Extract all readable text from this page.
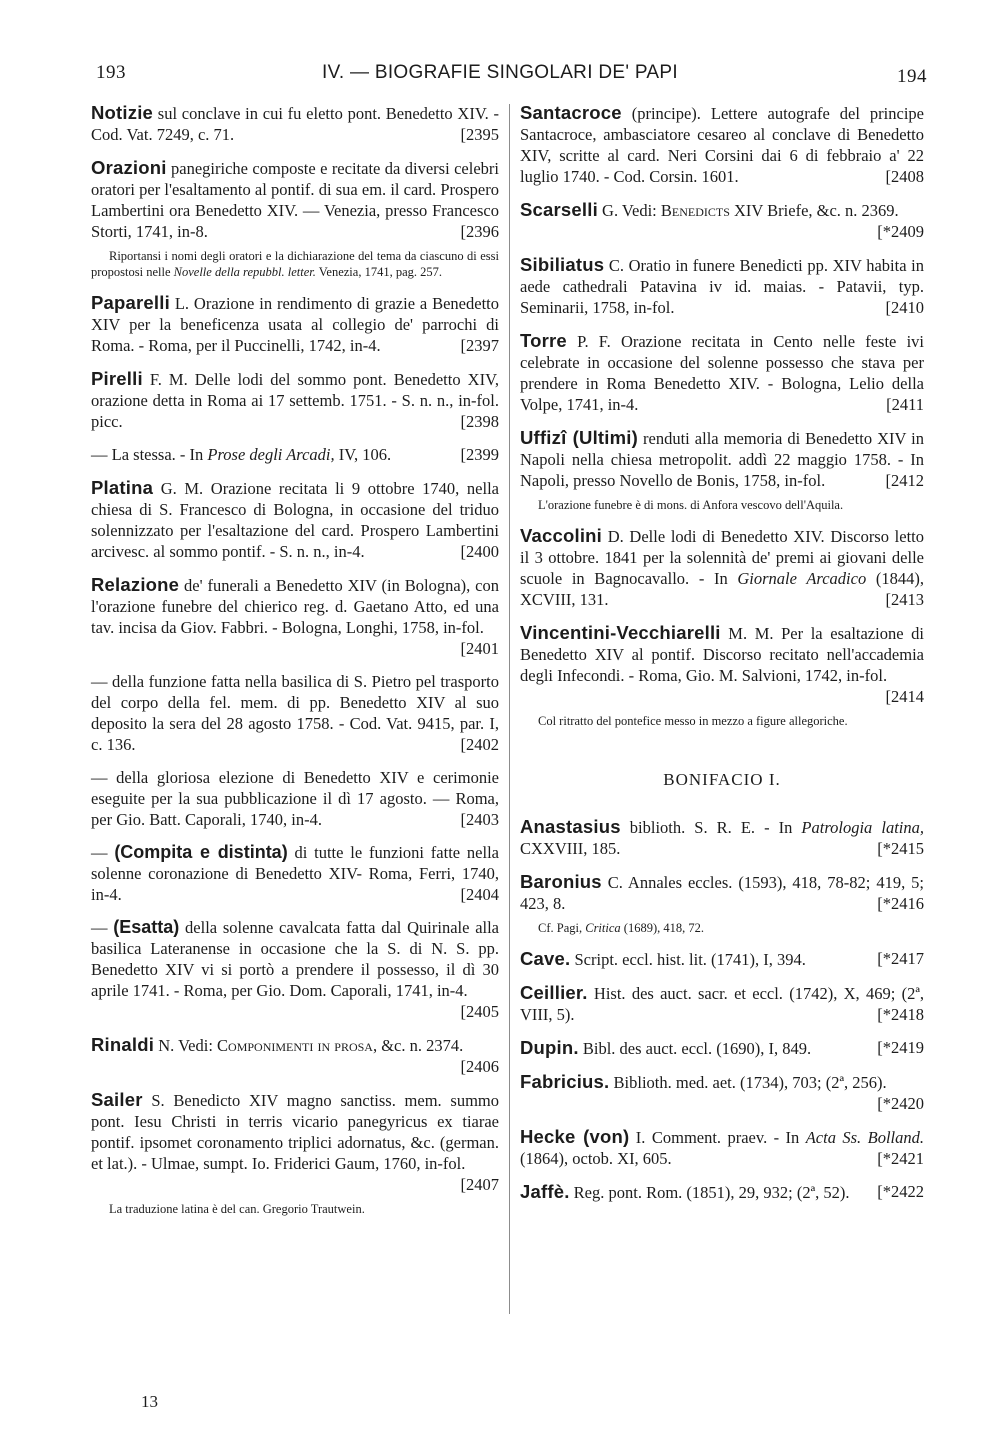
193	IV. — BIOGRAFIE SINGOLARI DE' PAPI	194
Notizie sul conclave in cui fu eletto pont. Benedetto XIV. - Cod. Vat. 7249, c. 71.	[2395
Orazioni panegiriche composte e recitate da diversi celebri oratori per l'esaltamento al pontif. di sua em. il card. Prospero Lambertini ora Benedetto XIV. — Venezia, presso Francesco Storti, 1741, in-8.	[2396
Riportansi i nomi degli oratori e la dichiarazione del tema da ciascuno di essi propostosi nelle Novelle della repubbl. letter. Venezia, 1741, pag. 257.
Paparelli L. Orazione in rendimento di grazie a Benedetto XIV per la beneficenza usata al collegio de' parrochi di Roma. - Roma, per il Puccinelli, 1742, in-4.	[2397
Pirelli F. M. Delle lodi del sommo pont. Benedetto XIV, orazione detta in Roma ai 17 settemb. 1751. - S. n. n., in-fol. picc.	[2398
— La stessa. - In Prose degli Arcadi, IV, 106.	[2399
Platina G. M. Orazione recitata li 9 ottobre 1740, nella chiesa di S. Francesco di Bologna, in occasione del triduo solennizzato per l'esaltazione del card. Prospero Lambertini arcivesc. al sommo pontif. - S. n. n., in-4.	[2400
Relazione de' funerali a Benedetto XIV (in Bologna), con l'orazione funebre del chierico reg. d. Gaetano Atto, ed una tav. incisa da Giov. Fabbri. - Bologna, Longhi, 1758, in-fol.
[2401
— della funzione fatta nella basilica di S. Pietro pel trasporto del corpo della fel. mem. di pp. Benedetto XIV al suo deposito la sera del 28 agosto 1758. - Cod. Vat. 9415, par. I, c. 136.	[2402
— della gloriosa elezione di Benedetto XIV e cerimonie eseguite per la sua pubblicazione il dì 17 agosto. — Roma, per Gio. Batt. Caporali, 1740, in-4.	[2403
— (Compita e distinta) di tutte le funzioni fatte nella solenne coronazione di Benedetto XIV- Roma, Ferri, 1740, in-4.	[2404
— (Esatta) della solenne cavalcata fatta dal Quirinale alla basilica Lateranense in occasione che la S. di N. S. pp. Benedetto XIV vi si portò a prendere il possesso, il dì 30 aprile 1741. - Roma, per Gio. Dom. Caporali, 1741, in-4.
[2405
Rinaldi N. Vedi: Componimenti in prosa, &c. n. 2374.
[2406
Sailer S. Benedicto XIV magno sanctiss. mem. summo pont. Iesu Christi in terris vicario panegyricus ex tiarae pontif. ipsomet coronamento triplici adornatus, &c. (german. et lat.). - Ulmae, sumpt. Io. Friderici Gaum, 1760, in-fol.
[2407
La traduzione latina è del can. Gregorio Trautwein.
13
Santacroce (principe). Lettere autografe del principe Santacroce, ambasciatore cesareo al conclave di Benedetto XIV, scritte al card. Neri Corsini dai 6 di febbraio a' 22 luglio 1740. - Cod. Corsin. 1601.	[2408
Scarselli G. Vedi: Benedicts XIV Briefe, &c. n. 2369.
[*2409
Sibiliatus C. Oratio in funere Benedicti pp. XIV habita in aede cathedrali Patavina iv id. maias. - Patavii, typ. Seminarii, 1758, in-fol.	[2410
Torre P. F. Orazione recitata in Cento nelle feste ivi celebrate in occasione del solenne possesso che stava per prendere in Roma Benedetto XIV. - Bologna, Lelio della Volpe, 1741, in-4.	[2411
Uffizî (Ultimi) renduti alla memoria di Benedetto XIV in Napoli nella chiesa metropolit. addì 22 maggio 1758. - In Napoli, presso Novello de Bonis, 1758, in-fol.	[2412
L'orazione funebre è di mons. di Anfora vescovo dell'Aquila.
Vaccolini D. Delle lodi di Benedetto XIV. Discorso letto il 3 ottobre. 1841 per la solennità de' premi ai giovani delle scuole in Bagnocavallo. - In Giornale Arcadico (1844), XCVIII, 131.	[2413
Vincentini-Vecchiarelli M. M. Per la esaltazione di Benedetto XIV al pontif. Discorso recitato nell'accademia degli Infecondi. - Roma, Gio. M. Salvioni, 1742, in-fol.
[2414
Col ritratto del pontefice messo in mezzo a figure allegoriche.
BONIFACIO I.
Anastasius biblioth. S. R. E. - In Patrologia latina, CXXVIII, 185.	[*2415
Baronius C. Annales eccles. (1593), 418, 78-82; 419, 5; 423, 8.	[*2416
Cf. Pagi, Critica (1689), 418, 72.
Cave. Script. eccl. hist. lit. (1741), I, 394.	[*2417
Ceillier. Hist. des auct. sacr. et eccl. (1742), X, 469; (2ª, VIII, 5).	[*2418
Dupin. Bibl. des auct. eccl. (1690), I, 849.	[*2419
Fabricius. Biblioth. med. aet. (1734), 703; (2ª, 256).
[*2420
Hecke (von) I. Comment. praev. - In Acta Ss. Bolland. (1864), octob. XI, 605.	[*2421
Jaffè. Reg. pont. Rom. (1851), 29, 932; (2ª, 52). [*2422
